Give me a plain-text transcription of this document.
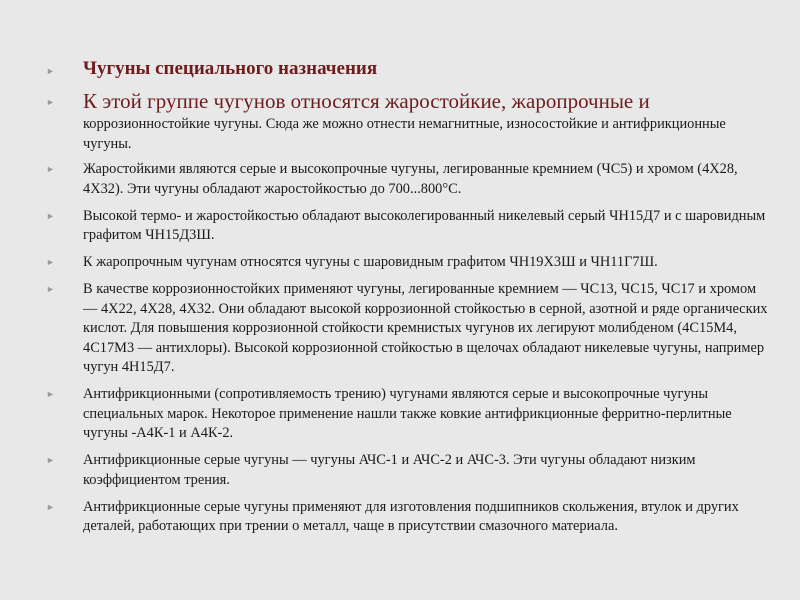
► Чугуны специального назначения
► К этой группе чугунов относятся жаростойкие, жаропрочные и
коррозионностойкие чугуны. Сюда же можно отнести немагнитные, износостойкие и антифрикционные чугуны.
► Жаростойкими являются серые и высокопрочные чугуны, легированные кремнием (ЧС5) и хромом (4Х28, 4Х32). Эти чугуны обладают жаростойкостью до 700...800°С.
► Высокой термо- и жаростойкостью обладают высоколегированный никелевый серый ЧН15Д7 и с шаровидным графитом ЧН15Д3Ш.
► К жаропрочным чугунам относятся чугуны с шаровидным графитом ЧН19Х3Ш и ЧН11Г7Ш.
► В качестве коррозионностойких применяют чугуны, легированные кремнием — ЧС13, ЧС15, ЧС17 и хромом — 4Х22, 4Х28, 4Х32. Они обладают высокой коррозионной стойкостью в серной, азотной и ряде органических кислот. Для повышения коррозионной стойкости кремнистых чугунов их легируют молибденом (4С15М4, 4С17М3 — антихлоры). Высокой коррозионной стойкостью в щелочах обладают никелевые чугуны, например чугун 4Н15Д7.
► Антифрикционными (сопротивляемость трению) чугунами являются серые и высокопрочные чугуны специальных марок. Некоторое применение нашли также ковкие антифрикционные ферритно-перлитные чугуны -А4К-1 и А4К-2.
► Антифрикционные серые чугуны — чугуны АЧС-1 и АЧС-2 и АЧС-3. Эти чугуны обладают низким коэффициентом трения.
► Антифрикционные серые чугуны применяют для изготовления подшипников скольжения, втулок и других деталей, работающих при трении о металл, чаще в присутствии смазочного материала.
